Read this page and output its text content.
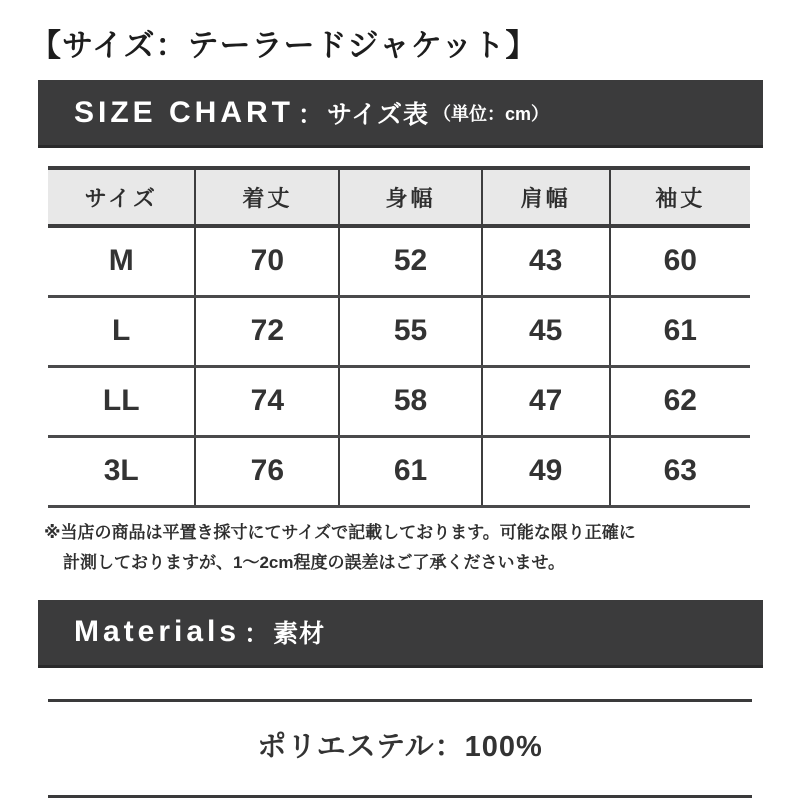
【サイズ：テーラードジャケット】
SIZE CHART ： サイズ表 （単位：cm）
サイズ	着丈	身幅	肩幅	袖丈
M	70	52	43	60
L	72	55	45	61
LL	74	58	47	62
3L	76	61	49	63
※当店の商品は平置き採寸にてサイズで記載しております。可能な限り正確に
計測しておりますが、1～2cm程度の誤差はご了承くださいませ。
Materials ： 素材
ポリエステル：100%
